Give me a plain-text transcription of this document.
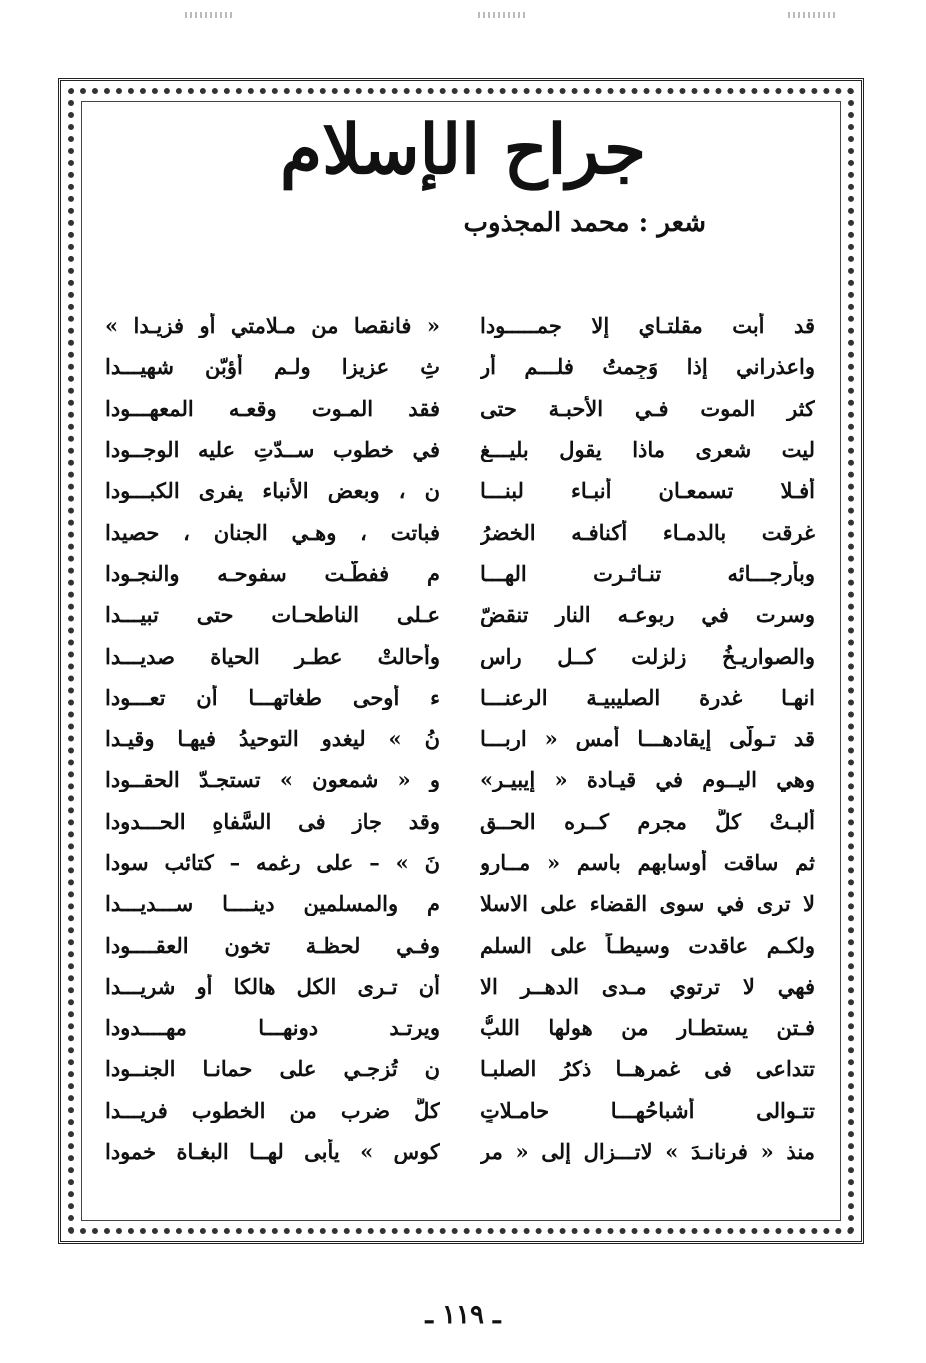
جراح الإسلام
شعر : محمد المجذوب
قد أبت مقلتـاي إلا جمـــــودا
« فانقصا من مـلامتي أو فزيـدا »
واعذراني إذا وَجِمتُ فلـــم أر
ثِ عزيزا ولـم أؤبّن شهيـــدا
كثر الموت فـي الأحبـة حتى
فقد المـوت وقعـه المعهـــودا
ليت شعرى ماذا يقول بليـــغ
في خطوب ســدّتِ عليه الوجــودا
أفـلا تسمعـان أنبـاء لبنـــا
ن ، وبعض الأنباء يفرى الكبـــودا
غرقت بالدمـاء أكنافـه الخضرُ
فباتت ، وهـي الجنان ، حصيدا
وبأرجـــائه تنـاثـرت الهـــا
م ففطّـت سفوحـه والنجـودا
وسرت في ربوعـه النار تنقضّ
عـلى الناطحـات حتى تبيـــدا
والصواريـخُ زلزلت كــل راسٍ
وأحالتْ عطـر الحياة صديـــدا
انهـا غدرة الصليبيـة الرعنـــا
ء أوحى طغاتهـــا أن تعـــودا
قد تـولّى إيقادهـــا أمس « اربـــا
نُ » ليغدو التوحيدُ فيهـا وقيـدا
وهي اليــوم في قيـادة « إيبيـر»
و « شمعون » تستجـدّ الحقــودا
ألبـتْ كلَّ مجرم كــره الحــق
وقد جاز فى السَّفاهِ الحـــدودا
ثم ساقت أوسابهم باسم « مــارو
نَ » – على رغمه – كتائب سودا
لا ترى في سوى القضاء على الاسلا
م والمسلمين دينــــا ســـديـــدا
ولكـم عاقدت وسيطـاً على السلم
وفـي لحظـة تخون العقــــودا
فهي لا ترتوي مـدى الدهــر الا
أن تـرى الكل هالكا أو شريـــدا
فـتن يستطـار من هولها اللبُّ
ويرتـد دونهـــا مهــــدودا
تتداعى فى غمرهــا ذكرُ الصلبـا
نِ تُزجـي على حمانـا الجنــودا
تتـوالى أشباحُهـــا حامـلاتٍ
كلَّ ضرب من الخطوب فريـــدا
منذ « فرنانـدَ » لاتـــزال إلى « مر
كوس » يأبى لهــا البغـاة خمودا
ـ ١١٩ ـ
